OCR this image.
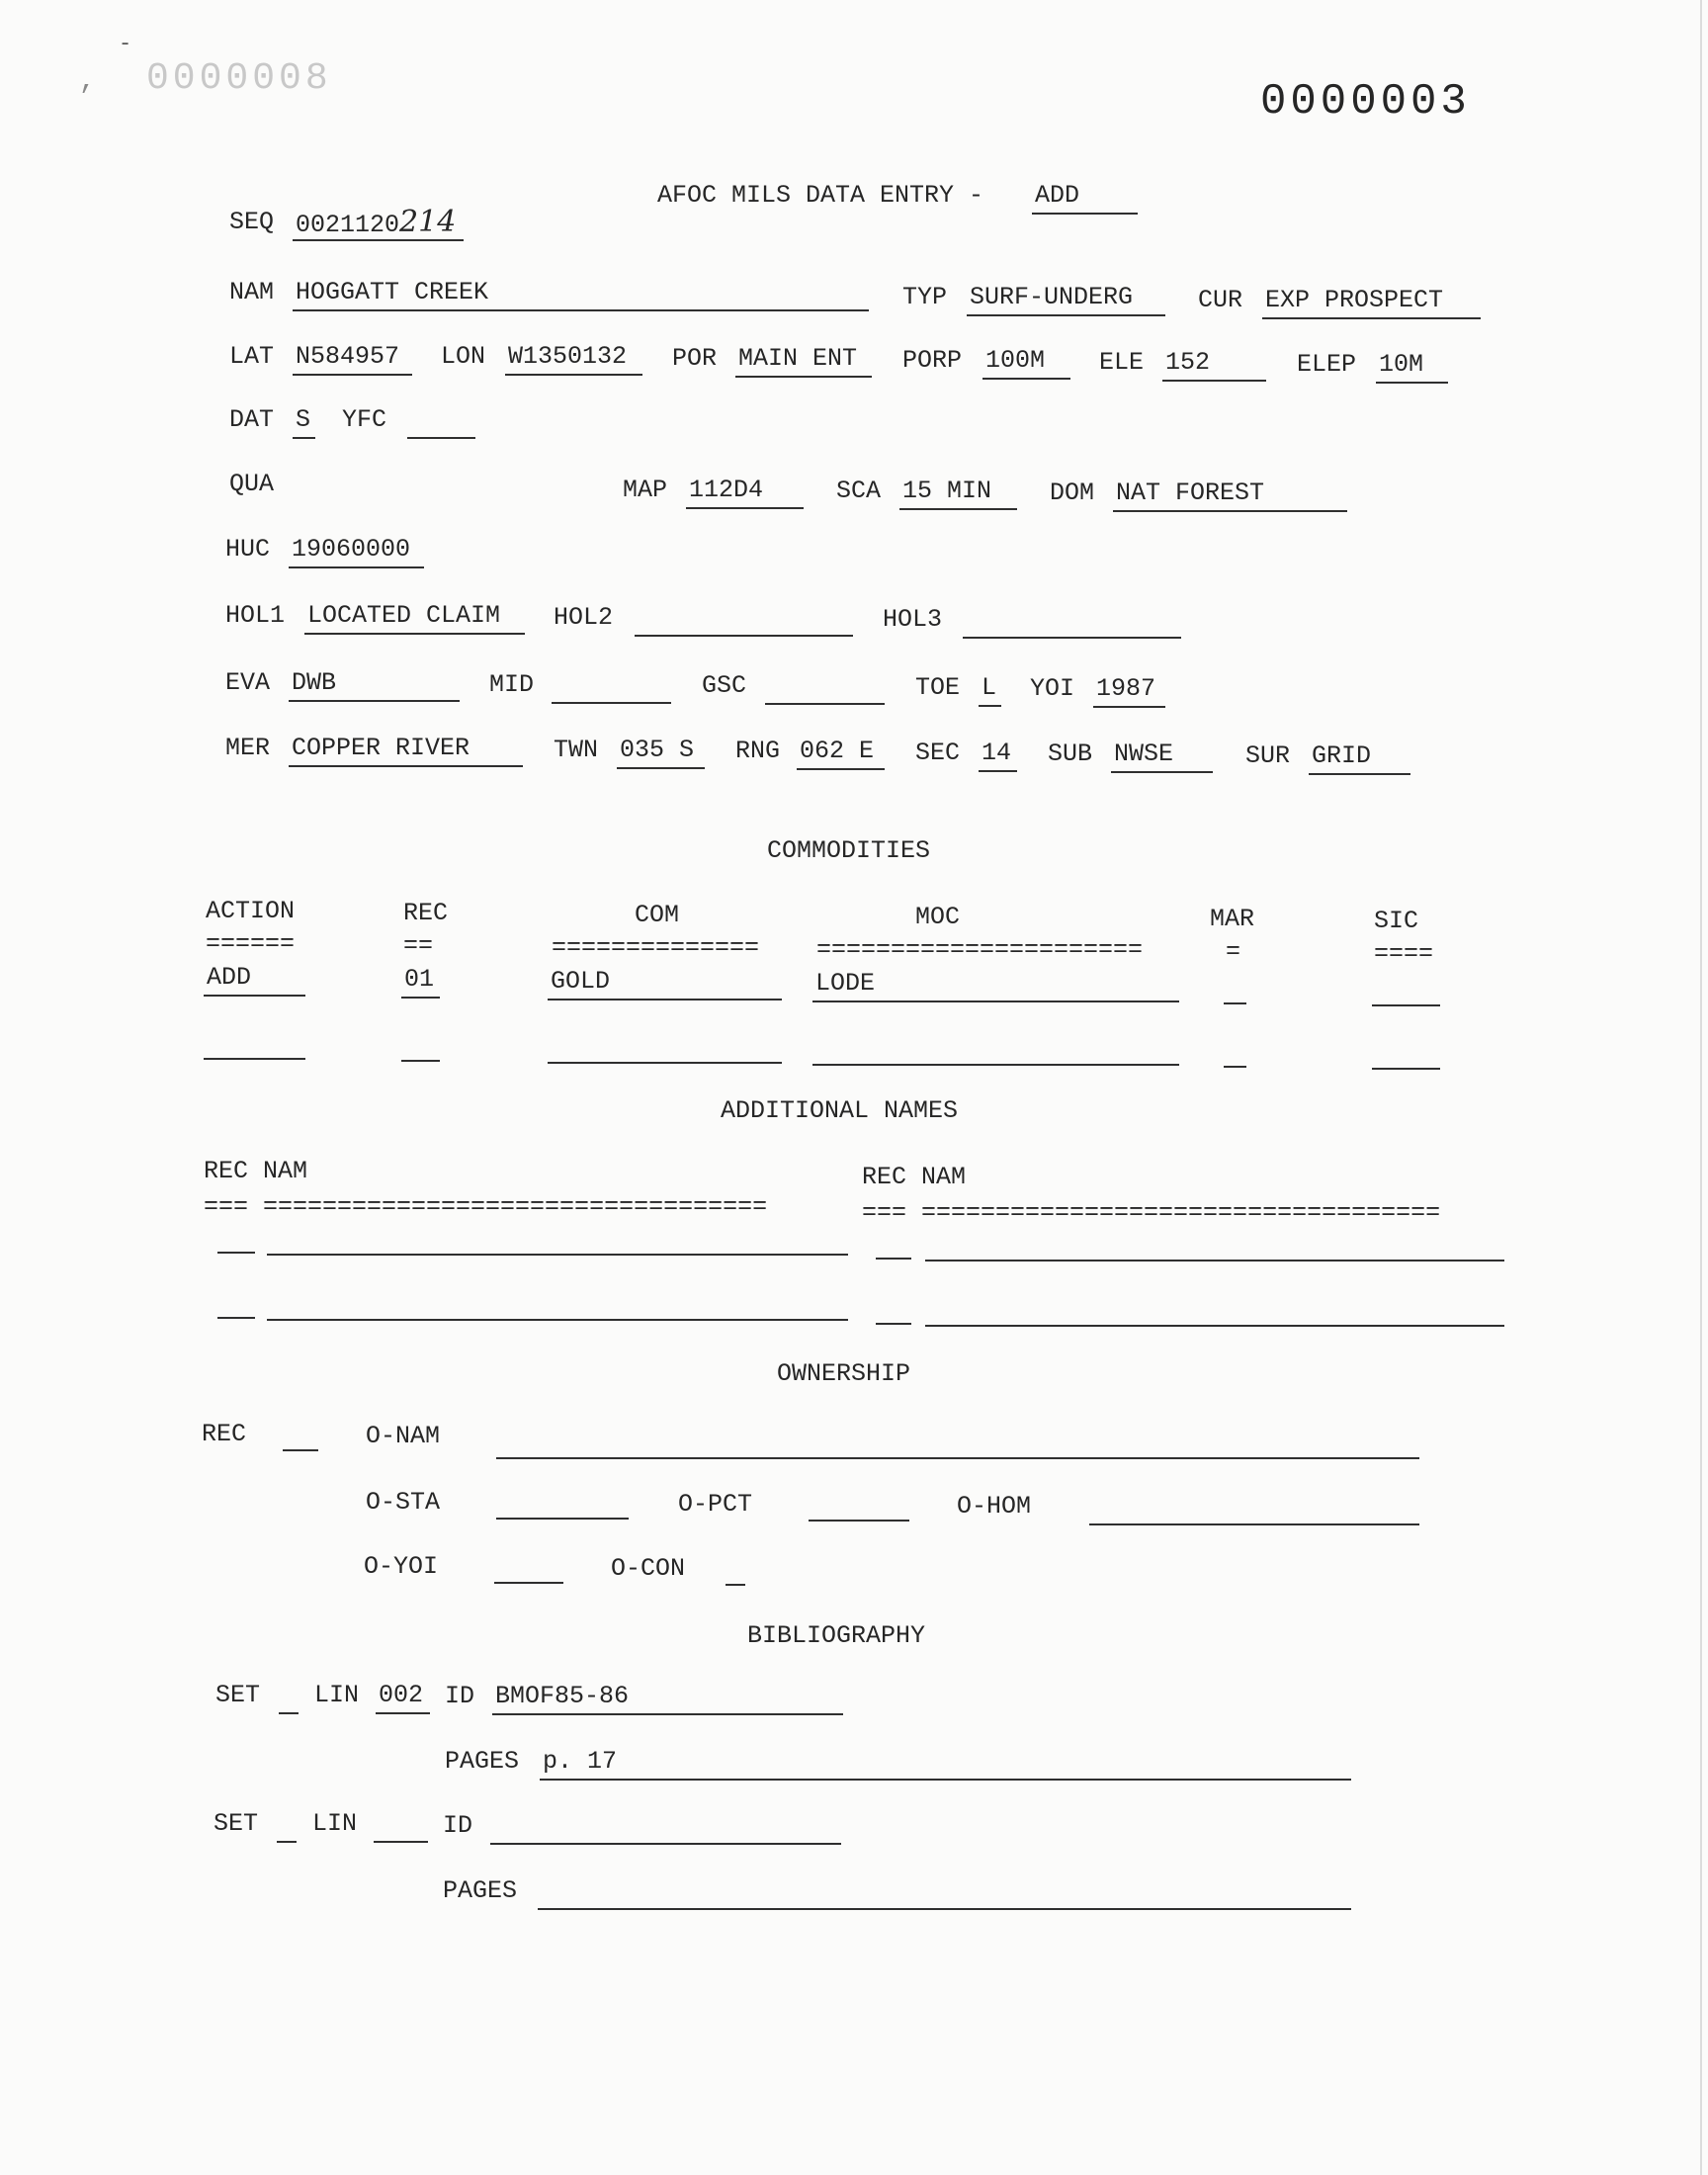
0000008
,
-
0000003
AFOC MILS DATA ENTRY - ADD
SEQ 0021120214
NAM HOGGATT CREEK	TYP SURF-UNDERG	CUR EXP PROSPECT
LAT N584957	LON W1350132	POR MAIN ENT	PORP 100M	ELE 152	ELEP 10M
DAT S YFC
QUA	MAP 112D4	SCA 15 MIN	DOM NAT FOREST
HUC 19060000
HOL1 LOCATED CLAIM	HOL2	HOL3
EVA DWB	MID	GSC	TOE L YOI 1987
MER COPPER RIVER	TWN 035 S	RNG 062 E	SEC 14 SUB NWSE	SUR GRID
COMMODITIES
ACTION	REC	COM	MOC	MAR	SIC
======	==	============== ======================	=	====
ADD	01	GOLD	LODE
ADDITIONAL NAMES
REC NAM	REC NAM
=== ==================================	=== ===================================
OWNERSHIP
REC	O-NAM
O-STA	O-PCT	O-HOM
O-YOI	O-CON
BIBLIOGRAPHY
SET LIN 002 ID BMOF85-86
PAGES p. 17
SET LIN	ID
PAGES
